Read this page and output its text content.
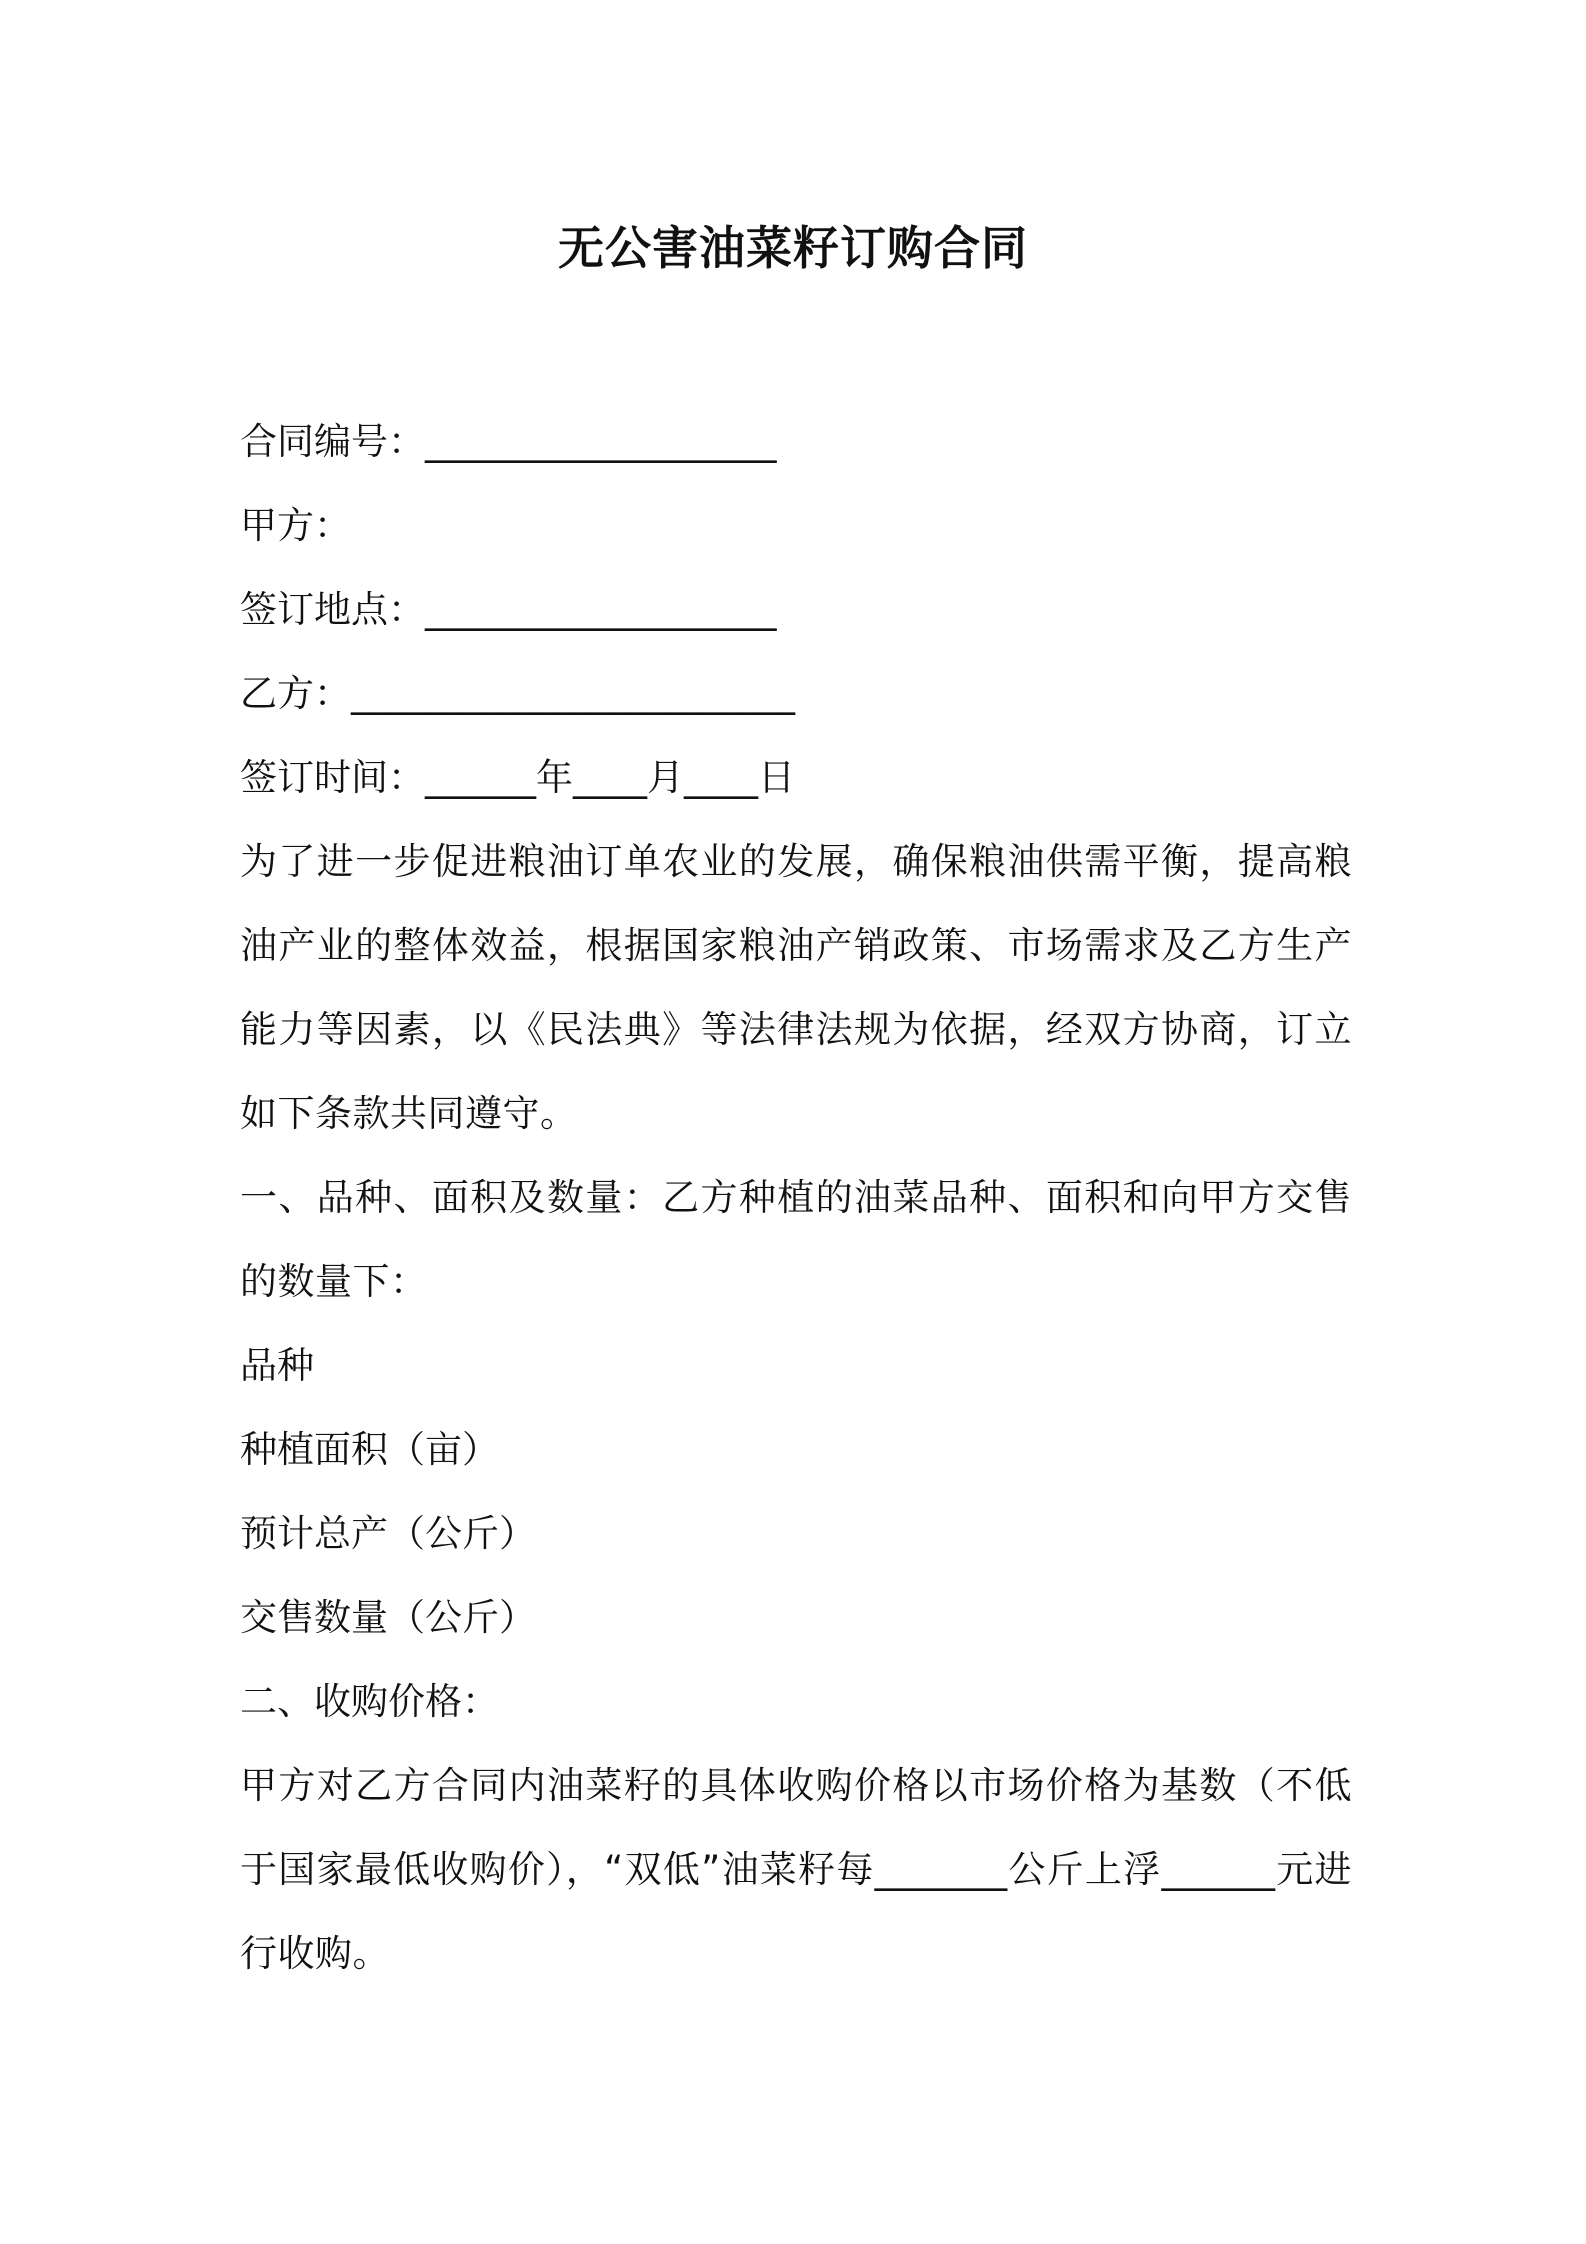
无公害油菜籽订购合同

合同编号：___________________

甲方：

签订地点：___________________

乙方：________________________

签订时间：______年____月____日

为了进一步促进粮油订单农业的发展，确保粮油供需平衡，提高粮油产业的整体效益，根据国家粮油产销政策、市场需求及乙方生产能力等因素，以《民法典》等法律法规为依据，经双方协商，订立如下条款共同遵守。

一、品种、面积及数量：乙方种植的油菜品种、面积和向甲方交售的数量下：

品种

种植面积（亩）

预计总产（公斤）

交售数量（公斤）

二、收购价格：

甲方对乙方合同内油菜籽的具体收购价格以市场价格为基数（不低于国家最低收购价），“双低”油菜籽每_______公斤上浮______元进行收购。
